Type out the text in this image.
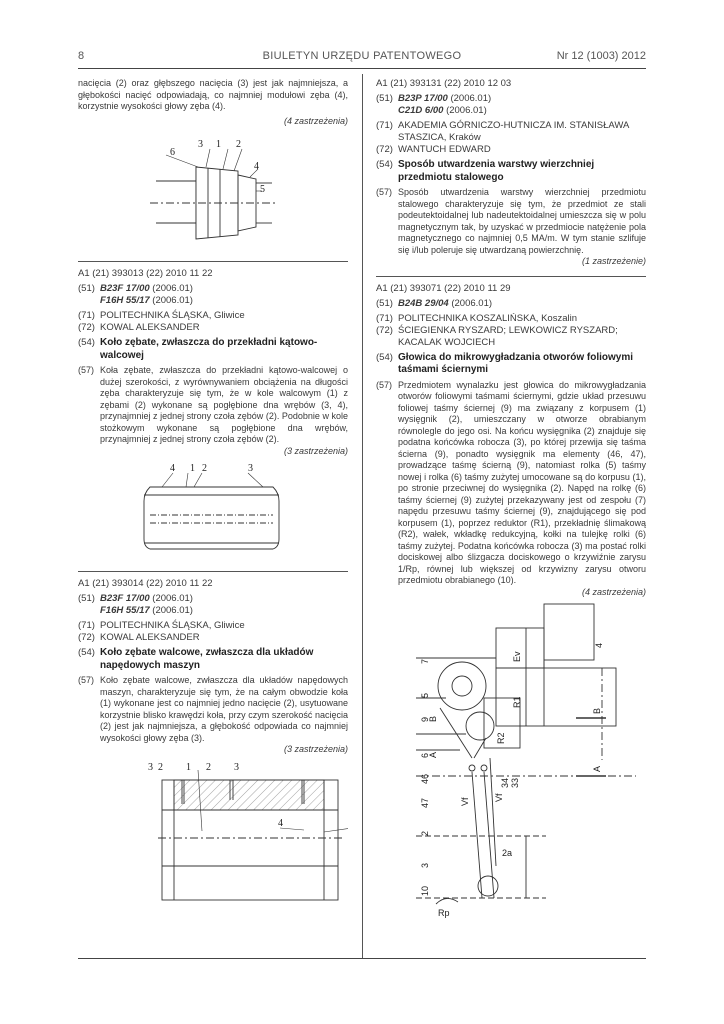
8	BIULETYN URZĘDU PATENTOWEGO	Nr 12 (1003) 2012

nacięcia (2) oraz głębszego nacięcia (3) jest jak najmniejsza, a głębokości nacięć odpowiadają, co najmniej modułowi zęba (4), korzystnie wysokości głowy zęba (4).

(4 zastrzeżenia)

6
3 1 2
4
5

A1 (21) 393013 (22) 2010 11 22

(51) B23F 17/00 (2006.01)
F16H 55/17 (2006.01)
(71) POLITECHNIKA ŚLĄSKA, Gliwice
(72) KOWAL ALEKSANDER
(54) Koło zębate, zwłaszcza do przekładni kątowo-walcowej
(57) Koła zębate, zwłaszcza do przekładni kątowo-walcowej o dużej szerokości, z wyrównywaniem obciążenia na długości zęba charakteryzuje się tym, że w kole walcowym (1) z zębami (2) wykonane są pogłębione dna wrębów (3, 4), przynajmniej z jednej strony czoła zębów (2). Podobnie w kole stożkowym wykonane są pogłębione dna wrębów, przynajmniej z jednej strony czoła zębów (2).

(3 zastrzeżenia)

4 1 2	3

A1 (21) 393014 (22) 2010 11 22

(51) B23F 17/00 (2006.01)
F16H 55/17 (2006.01)
(71) POLITECHNIKA ŚLĄSKA, Gliwice
(72) KOWAL ALEKSANDER
(54) Koło zębate walcowe, zwłaszcza dla układów napędowych maszyn
(57) Koło zębate walcowe, zwłaszcza dla układów napędowych maszyn, charakteryzuje się tym, że na całym obwodzie koła (1) wykonane jest co najmniej jedno nacięcie (2), usytuowane korzystnie blisko krawędzi koła, przy czym szerokość nacięcia (2) jest jak najmniejsza, a głębokość odpowiada co najmniej wysokości głowy zęba (3).

(3 zastrzeżenia)

3 2 1 2 3
4

A1 (21) 393131 (22) 2010 12 03

(51) B23P 17/00 (2006.01)
C21D 6/00 (2006.01)
(71) AKADEMIA GÓRNICZO-HUTNICZA IM. STANISŁAWA STASZICA, Kraków
(72) WANTUCH EDWARD
(54) Sposób utwardzenia warstwy wierzchniej przedmiotu stalowego
(57) Sposób utwardzenia warstwy wierzchniej przedmiotu stalowego charakteryzuje się tym, że przedmiot ze stali podeutektoidalnej lub nadeutektoidalnej umieszcza się w polu magnetycznym tak, by uzyskać w przedmiocie natężenie pola magnetycznego co najmniej 0,5 MA/m. W tym stanie szlifuje się i/lub poleruje się utwardzaną powierzchnię.

(1 zastrzeżenie)

A1 (21) 393071 (22) 2010 11 29

(51) B24B 29/04 (2006.01)
(71) POLITECHNIKA KOSZALIŃSKA, Koszalin
(72) ŚCIEGIENKA RYSZARD; LEWKOWICZ RYSZARD; KACALAK WOJCIECH
(54) Głowica do mikrowygładzania otworów foliowymi taśmami ściernymi
(57) Przedmiotem wynalazku jest głowica do mikrowygładzania otworów foliowymi taśmami ściernymi, gdzie układ przesuwu foliowej taśmy ściernej (9) ma związany z korpusem (1) wysięgnik (2), umieszczany w otworze obrabianym równolegle do jego osi. Na końcu wysięgnika (2) znajduje się podatna końcówka robocza (3), po której przewija się taśma ścierna (9), ponadto wysięgnik ma elementy (46, 47), prowadzące taśmę ścierną (9), natomiast rolka (5) taśmy nowej i rolka (6) taśmy zużytej umocowane są do korpusu (1), po stronie przeciwnej do wysięgnika (2). Napęd na rolkę (6) taśmy ściernej (9) zużytej przekazywany jest od zespołu (7) napędu przesuwu taśmy ściernej (9), znajdującego się pod korpusem (1), poprzez reduktor (R1), przekładnię ślimakową (R2), wałek, wkładkę redukcyjną, kołki na tulejkę rolki (6) taśmy zużytej. Podatna końcówka robocza (3) ma postać rolki dociskowej albo ślizgacza dociskowego o krzywiźnie zarysu 1/Rp, równej lub większej od krzywizny zarysu otworu przedmiotu obrabianego (10).

(4 zastrzeżenia)

7
5
9
B
6
A
46
47
2
3
10
Ev
R1
R2
34 33
B
A
4
Vf	Vf
2a
Rp
